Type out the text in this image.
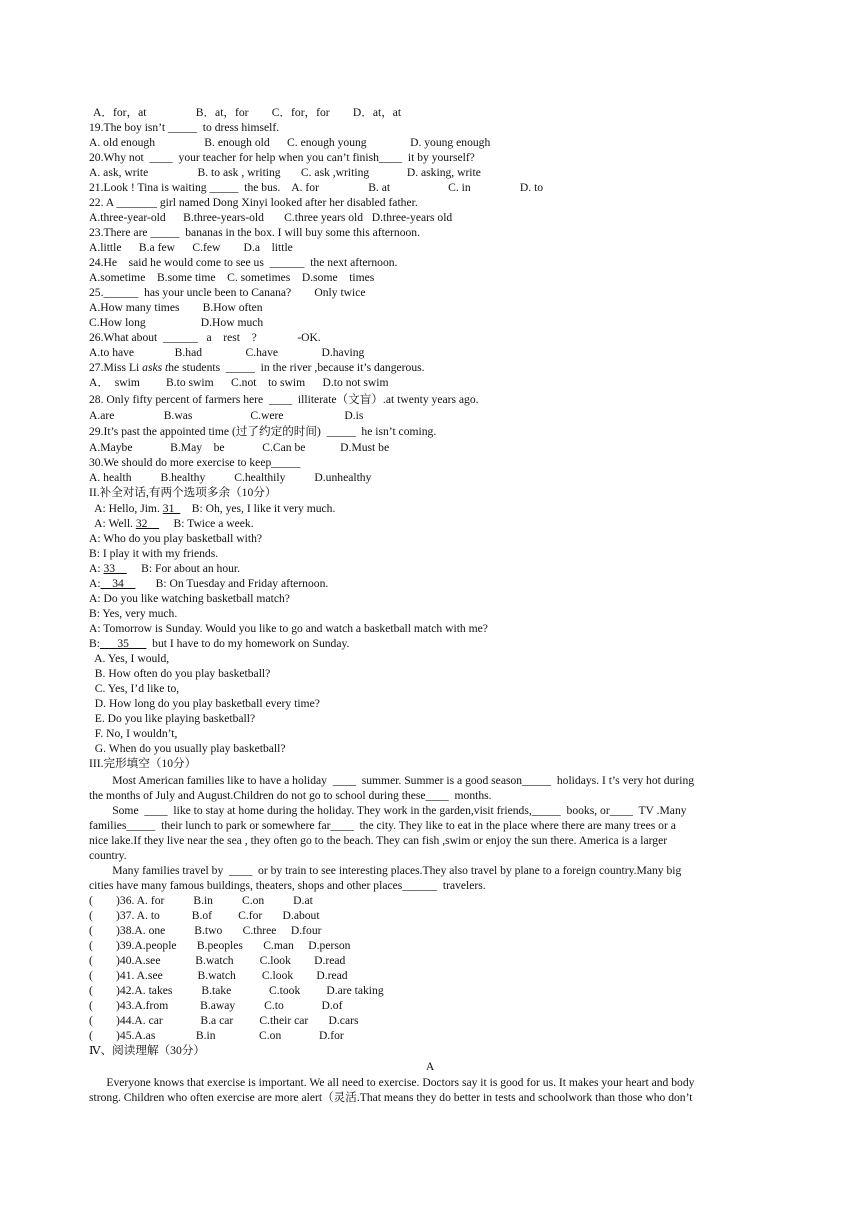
A．for，at                 B．at，for        C．for，for        D．at，at
19.The boy isn’t _____  to dress himself.
A. old enough                 B. enough old      C. enough young               D. young enough
20.Why not  ____  your teacher for help when you can’t finish____  it by yourself?
A. ask, write                 B. to ask , writing       C. ask ,writing             D. asking, write
21.Look ! Tina is waiting _____  the bus.    A. for                 B. at                    C. in                 D. to
22. A _______ girl named Dong Xinyi looked after her disabled father.
A.three-year-old      B.three-years-old       C.three years old   D.three-years old
23.There are _____  bananas in the box. I will buy some this afternoon.
A.little      B.a few      C.few        D.a    little
24.He    said he would come to see us  ______  the next afternoon.
A.sometime    B.some time    C. sometimes    D.some    times
25.______  has your uncle been to Canana?        Only twice
A.How many times        B.How often
C.How long                   D.How much
26.What about  ______   a    rest    ?              -OK.
A.to have              B.had               C.have               D.having
27.Miss Li asks the students  _____  in the river ,because it’s dangerous.
A．  swim         B.to swim      C.not    to swim      D.to not swim
28. Only fifty percent of farmers here  ____  illiterate（文盲）.at twenty years ago.
A.are                 B.was                    C.were                     D.is
29.It’s past the appointed time (过了约定的时间)  _____  he isn’t coming.
A.Maybe             B.May    be             C.Can be            D.Must be
30.We should do more exercise to keep_____
A. health          B.healthy          C.healthily          D.unhealthy
II.补全对话,有两个选项多余（10分）
A: Hello, Jim. 31_    B: Oh, yes, I like it very much.
A: Well. 32__     B: Twice a week.
A: Who do you play basketball with?
B: I play it with my friends.
A: 33__     B: For about an hour.
A:__34__       B: On Tuesday and Friday afternoon.
A: Do you like watching basketball match?
B: Yes, very much.
A: Tomorrow is Sunday. Would you like to go and watch a basketball match with me?
B:___35___  but I have to do my homework on Sunday.
A. Yes, I would,
B. How often do you play basketball?
C. Yes, I’d like to,
D. How long do you play basketball every time?
E. Do you like playing basketball?
F. No, I wouldn’t,
G. When do you usually play basketball?
III.完形填空（10分）
Most American families like to have a holiday  ____  summer. Summer is a good season_____  holidays. I t’s very hot during
the months of July and August.Children do not go to school during these____  months.
Some  ____  like to stay at home during the holiday. They work in the garden,visit friends,_____  books, or____  TV .Many
families_____  their lunch to park or somewhere far____  the city. They like to eat in the place where there are many trees or a
nice lake.If they live near the sea , they often go to the beach. They can fish ,swim or enjoy the sun there. America is a larger
country.
Many families travel by  ____  or by train to see interesting places.They also travel by plane to a foreign country.Many big
cities have many famous buildings, theaters, shops and other places______  travelers.
(        )36. A. for          B.in          C.on          D.at
(        )37. A. to           B.of         C.for       D.about
(        )38.A. one          B.two       C.three     D.four
(        )39.A.people       B.peoples       C.man     D.person
(        )40.A.see            B.watch         C.look        D.read
(        )41. A.see            B.watch         C.look        D.read
(        )42.A. takes          B.take             C.took         D.are taking
(        )43.A.from           B.away          C.to             D.of
(        )44.A. car             B.a car         C.their car       D.cars
(        )45.A.as              B.in               C.on             D.for
Ⅳ、阅读理解（30分）
A
Everyone knows that exercise is important. We all need to exercise. Doctors say it is good for us. It makes your heart and body
strong. Children who often exercise are more alert（灵活.That means they do better in tests and schoolwork than those who don’t
